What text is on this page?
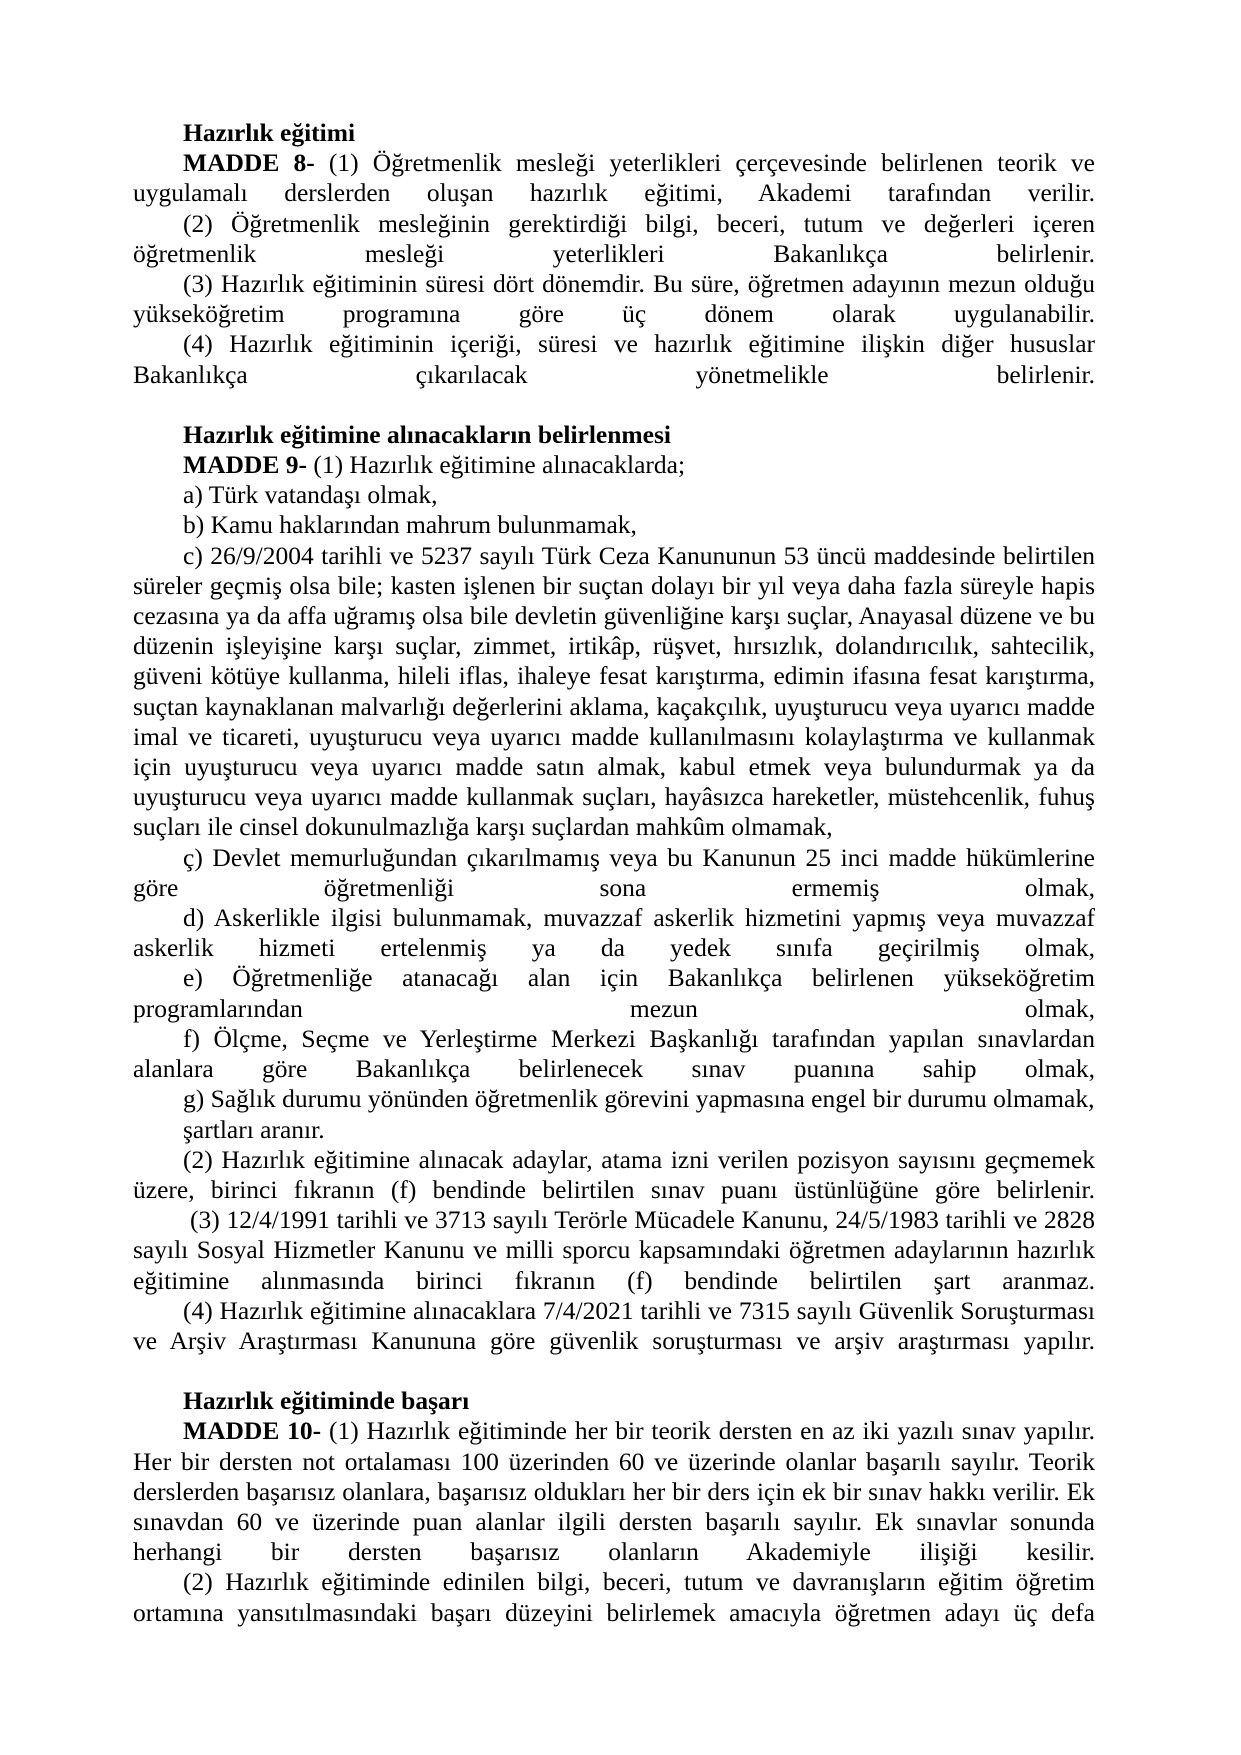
Hazırlık eğitimi

MADDE 8- (1) Öğretmenlik mesleği yeterlikleri çerçevesinde belirlenen teorik ve uygulamalı derslerden oluşan hazırlık eğitimi, Akademi tarafından verilir.

(2) Öğretmenlik mesleğinin gerektirdiği bilgi, beceri, tutum ve değerleri içeren öğretmenlik mesleği yeterlikleri Bakanlıkça belirlenir.

(3) Hazırlık eğitiminin süresi dört dönemdir. Bu süre, öğretmen adayının mezun olduğu yükseköğretim programına göre üç dönem olarak uygulanabilir.

(4) Hazırlık eğitiminin içeriği, süresi ve hazırlık eğitimine ilişkin diğer hususlar Bakanlıkça çıkarılacak yönetmelikle belirlenir.

Hazırlık eğitimine alınacakların belirlenmesi

MADDE 9- (1) Hazırlık eğitimine alınacaklarda;

a) Türk vatandaşı olmak,

b) Kamu haklarından mahrum bulunmamak,

c) 26/9/2004 tarihli ve 5237 sayılı Türk Ceza Kanununun 53 üncü maddesinde belirtilen süreler geçmiş olsa bile; kasten işlenen bir suçtan dolayı bir yıl veya daha fazla süreyle hapis cezasına ya da affa uğramış olsa bile devletin güvenliğine karşı suçlar, Anayasal düzene ve bu düzenin işleyişine karşı suçlar, zimmet, irtikâp, rüşvet, hırsızlık, dolandırıcılık, sahtecilik, güveni kötüye kullanma, hileli iflas, ihaleye fesat karıştırma, edimin ifasına fesat karıştırma, suçtan kaynaklanan malvarlığı değerlerini aklama, kaçakçılık, uyuşturucu veya uyarıcı madde imal ve ticareti, uyuşturucu veya uyarıcı madde kullanılmasını kolaylaştırma ve kullanmak için uyuşturucu veya uyarıcı madde satın almak, kabul etmek veya bulundurmak ya da uyuşturucu veya uyarıcı madde kullanmak suçları, hayâsızca hareketler, müstehcenlik, fuhuş suçları ile cinsel dokunulmazlığa karşı suçlardan mahkûm olmamak,

ç) Devlet memurluğundan çıkarılmamış veya bu Kanunun 25 inci madde hükümlerine göre öğretmenliği sona ermemiş olmak,

d) Askerlikle ilgisi bulunmamak, muvazzaf askerlik hizmetini yapmış veya muvazzaf askerlik hizmeti ertelenmiş ya da yedek sınıfa geçirilmiş olmak,

e) Öğretmenliğe atanacağı alan için Bakanlıkça belirlenen yükseköğretim programlarından mezun olmak,

f) Ölçme, Seçme ve Yerleştirme Merkezi Başkanlığı tarafından yapılan sınavlardan alanlara göre Bakanlıkça belirlenecek sınav puanına sahip olmak,

g) Sağlık durumu yönünden öğretmenlik görevini yapmasına engel bir durumu olmamak,

şartları aranır.

(2) Hazırlık eğitimine alınacak adaylar, atama izni verilen pozisyon sayısını geçmemek üzere, birinci fıkranın (f) bendinde belirtilen sınav puanı üstünlüğüne göre belirlenir.

(3) 12/4/1991 tarihli ve 3713 sayılı Terörle Mücadele Kanunu, 24/5/1983 tarihli ve 2828 sayılı Sosyal Hizmetler Kanunu ve milli sporcu kapsamındaki öğretmen adaylarının hazırlık eğitimine alınmasında birinci fıkranın (f) bendinde belirtilen şart aranmaz.

(4) Hazırlık eğitimine alınacaklara 7/4/2021 tarihli ve 7315 sayılı Güvenlik Soruşturması ve Arşiv Araştırması Kanununa göre güvenlik soruşturması ve arşiv araştırması yapılır.

Hazırlık eğitiminde başarı

MADDE 10- (1) Hazırlık eğitiminde her bir teorik dersten en az iki yazılı sınav yapılır. Her bir dersten not ortalaması 100 üzerinden 60 ve üzerinde olanlar başarılı sayılır. Teorik derslerden başarısız olanlara, başarısız oldukları her bir ders için ek bir sınav hakkı verilir. Ek sınavdan 60 ve üzerinde puan alanlar ilgili dersten başarılı sayılır. Ek sınavlar sonunda herhangi bir dersten başarısız olanların Akademiyle ilişiği kesilir.

(2) Hazırlık eğitiminde edinilen bilgi, beceri, tutum ve davranışların eğitim öğretim ortamına yansıtılmasındaki başarı düzeyini belirlemek amacıyla öğretmen adayı üç defa
